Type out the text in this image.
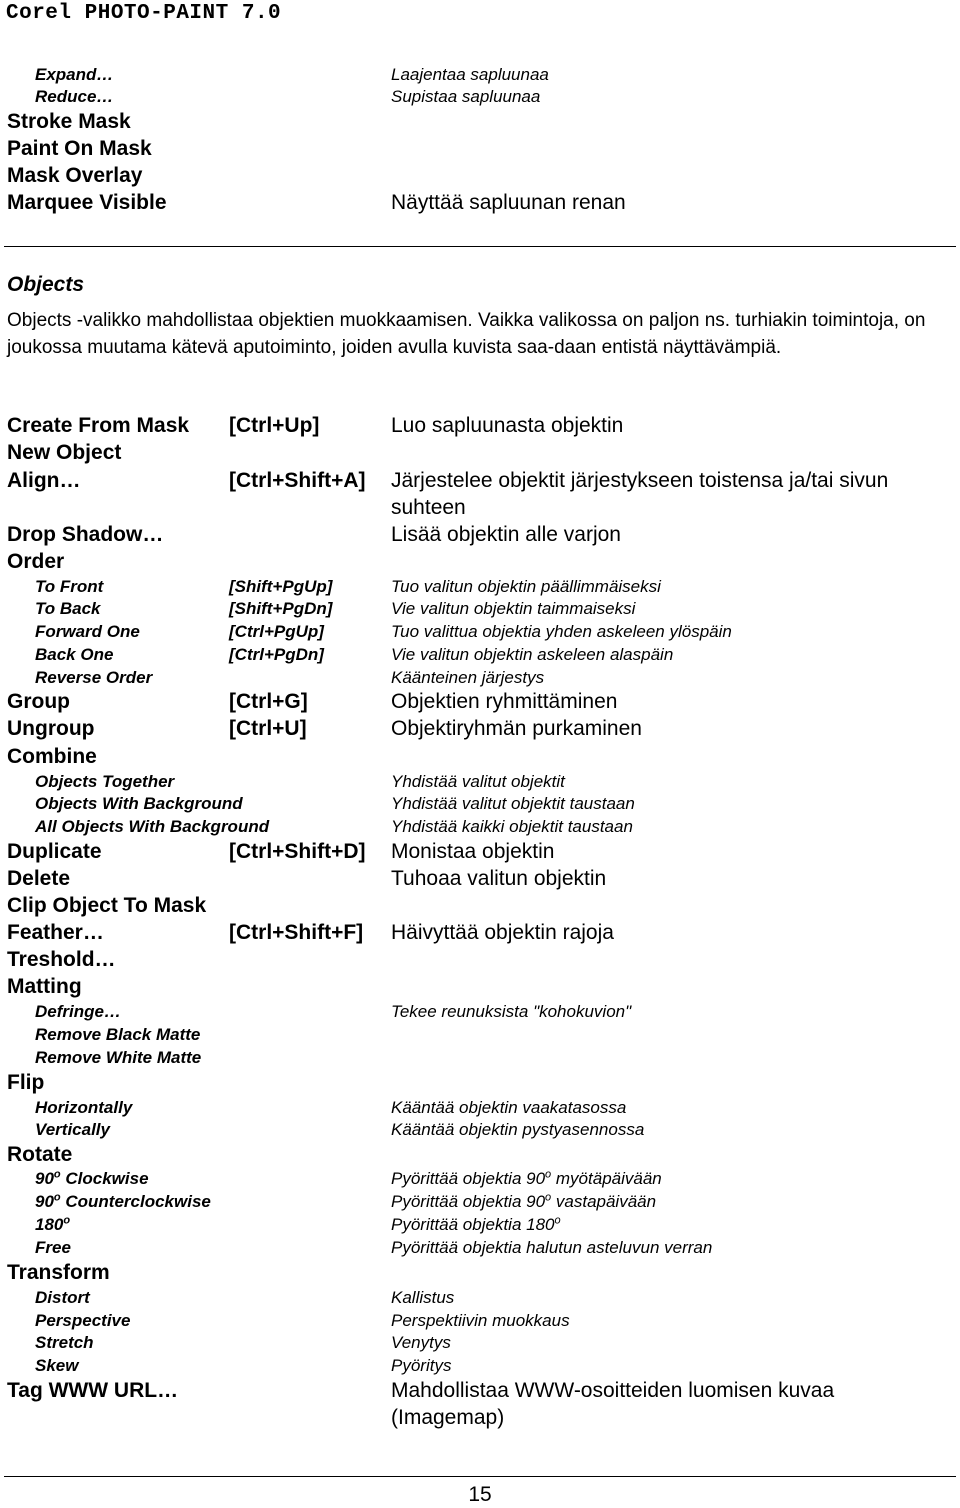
Corel PHOTO-PAINT 7.0
Expand…	Laajentaa sapluunaa
Reduce…	Supistaa sapluunaa
Stroke Mask
Paint On Mask
Mask Overlay
Marquee Visible	Näyttää sapluunan renan
Objects

Objects -valikko mahdollistaa objektien muokkaamisen. Vaikka valikossa on paljon ns. turhiakin toimintoja, on joukossa muutama kätevä aputoiminto, joiden avulla kuvista saa-daan entistä näyttävämpiä.

Create From Mask [Ctrl+Up]	Luo sapluunasta objektin
New Object
Align…	[Ctrl+Shift+A] Järjestelee objektit järjestykseen toistensa ja/tai sivun
suhteen
Drop Shadow…	Lisää objektin alle varjon
Order
To Front	[Shift+PgUp]	Tuo valitun objektin päällimmäiseksi
To Back	[Shift+PgDn]	Vie valitun objektin taimmaiseksi
Forward One	[Ctrl+PgUp]	Tuo valittua objektia yhden askeleen ylöspäin
Back One	[Ctrl+PgDn]	Vie valitun objektin askeleen alaspäin
Reverse Order	Käänteinen järjestys
Group	[Ctrl+G]	Objektien ryhmittäminen
Ungroup	[Ctrl+U]	Objektiryhmän purkaminen
Combine
Objects Together	Yhdistää valitut objektit
Objects With Background	Yhdistää valitut objektit taustaan
All Objects With Background	Yhdistää kaikki objektit taustaan
Duplicate	[Ctrl+Shift+D] Monistaa objektin
Delete	Tuhoaa valitun objektin
Clip Object To Mask
Feather…	[Ctrl+Shift+F] Häivyttää objektin rajoja
Treshold…
Matting
Defringe…	Tekee reunuksista "kohokuvion"
Remove Black Matte
Remove White Matte
Flip
Horizontally	Kääntää objektin vaakatasossa
Vertically	Kääntää objektin pystyasennossa
Rotate
90$^o$ Clockwise	Pyörittää objektia 90$^o$ myötäpäivään
90$^o$ Counterclockwise	Pyörittää objektia 90$^o$ vastapäivään
180$^o$	Pyörittää objektia 180$^o$
Free	Pyörittää objektia halutun asteluvun verran
Transform
Distort	Kallistus
Perspective	Perspektiivin muokkaus
Stretch	Venytys
Skew	Pyöritys
Tag WWW URL…	Mahdollistaa WWW-osoitteiden luomisen kuvaa
(Imagemap)
15
